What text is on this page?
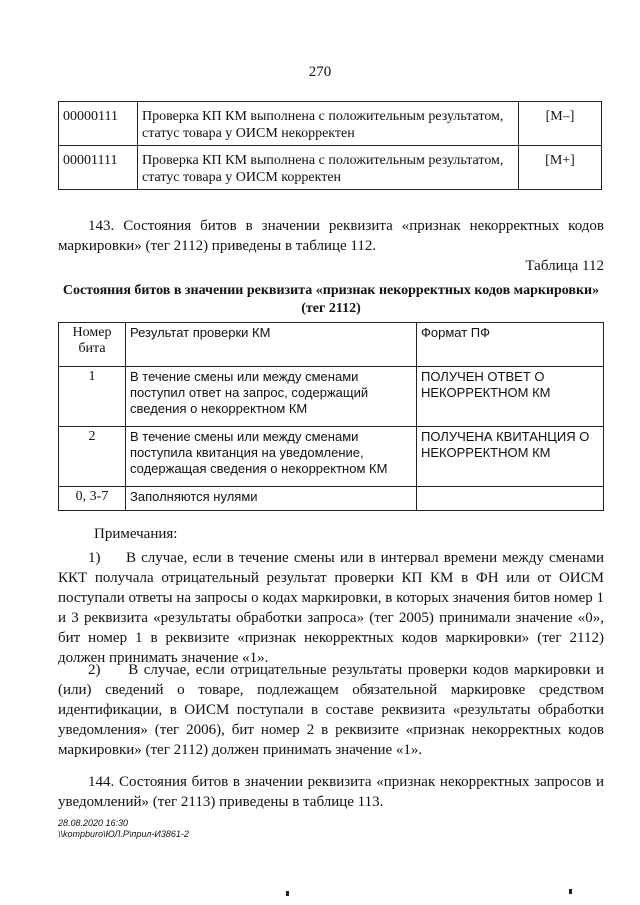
270
00000111	Проверка КП КМ выполнена с положительным результатом, статус товара у ОИСМ некорректен	[М–]
00001111	Проверка КП КМ выполнена с положительным результатом, статус товара у ОИСМ корректен	[М+]
143. Состояния битов в значении реквизита «признак некорректных кодов маркировки» (тег 2112) приведены в таблице 112.
Таблица 112
Состояния битов в значении реквизита «признак некорректных кодов маркировки» (тег 2112)
Номер бита	Результат проверки КМ	Формат ПФ
1	В течение смены или между сменами поступил ответ на запрос, содержащий сведения о некорректном КМ	ПОЛУЧЕН ОТВЕТ О НЕКОРРЕКТНОМ КМ
2	В течение смены или между сменами поступила квитанция на уведомление, содержащая сведения о некорректном КМ	ПОЛУЧЕНА КВИТАНЦИЯ О НЕКОРРЕКТНОМ КМ
0, 3-7	Заполняются нулями	
Примечания:
1)     В случае, если в течение смены или в интервал времени между сменами ККТ получала отрицательный результат проверки КП КМ в ФН или от ОИСМ поступали ответы на запросы о кодах маркировки, в которых значения битов номер 1 и 3 реквизита «результаты обработки запроса» (тег 2005) принимали значение «0», бит номер 1 в реквизите «признак некорректных кодов маркировки» (тег 2112) должен принимать значение «1».
2)     В случае, если отрицательные результаты проверки кодов маркировки и (или) сведений о товаре, подлежащем обязательной маркировке средством идентификации, в ОИСМ поступали в составе реквизита «результаты обработки уведомления» (тег 2006), бит номер 2 в реквизите «признак некорректных кодов маркировки» (тег 2112) должен принимать значение «1».
144. Состояния битов в значении реквизита «признак некорректных запросов и уведомлений» (тег 2113) приведены в таблице 113.
28.08.2020 16:30
\\kompburo\ЮЛ.Р\прил-И3861-2
